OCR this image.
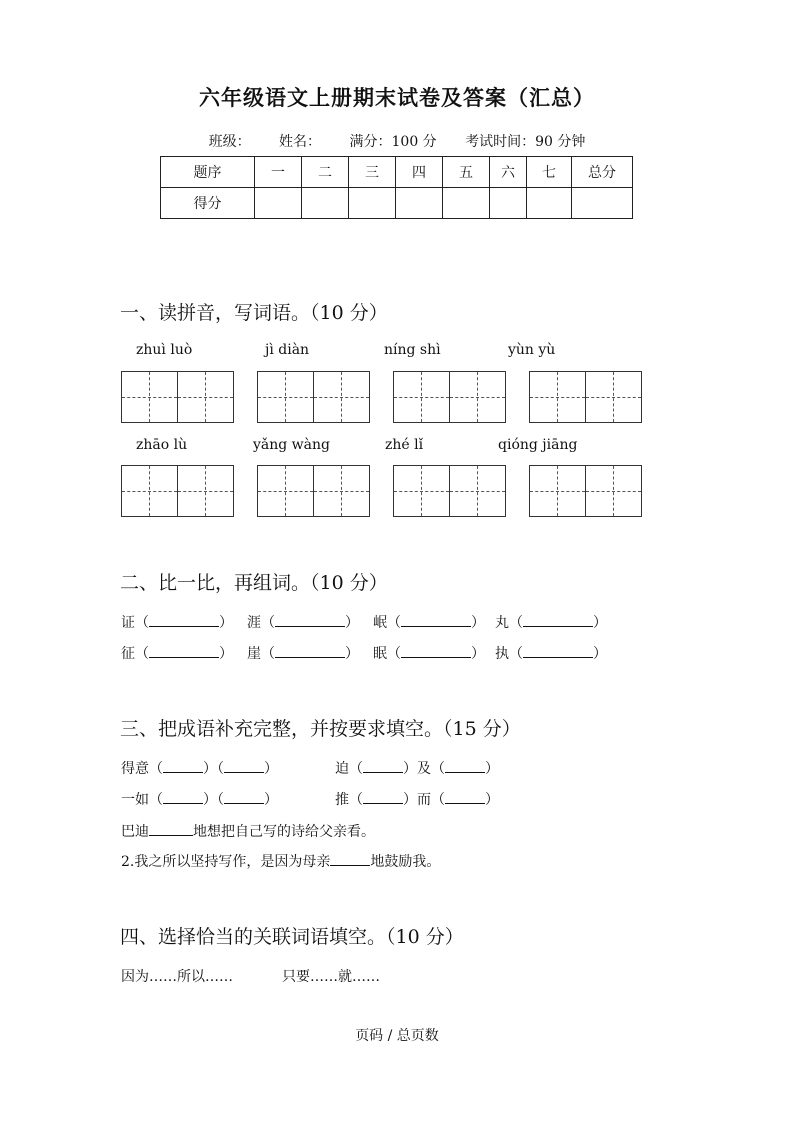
六年级语文上册期末试卷及答案（汇总）
班级： 姓名： 满分：100 分 考试时间：90 分钟
题序	一	二	三	四	五	六	七	总分
得分								
一、读拼音，写词语。（10 分）
zhuì luò	jì diàn	níng shì	yùn yù
zhāo lù	yǎng wàng	zhé lǐ	qióng jiāng
二、比一比，再组词。（10 分）
证（	） 涯（	） 岷（	） 丸（	）
征（	） 崖（	） 眠（	） 执（	）
三、把成语补充完整，并按要求填空。（15 分）
得意（	）（	）	迫（	）及（	）
一如（	）（	）	推（	）而（	）
巴迪	地想把自己写的诗给父亲看。
2.我之所以坚持写作，是因为母亲	地鼓励我。
四、选择恰当的关联词语填空。（10 分）
因为……所以……	只要……就……
页码 / 总页数
